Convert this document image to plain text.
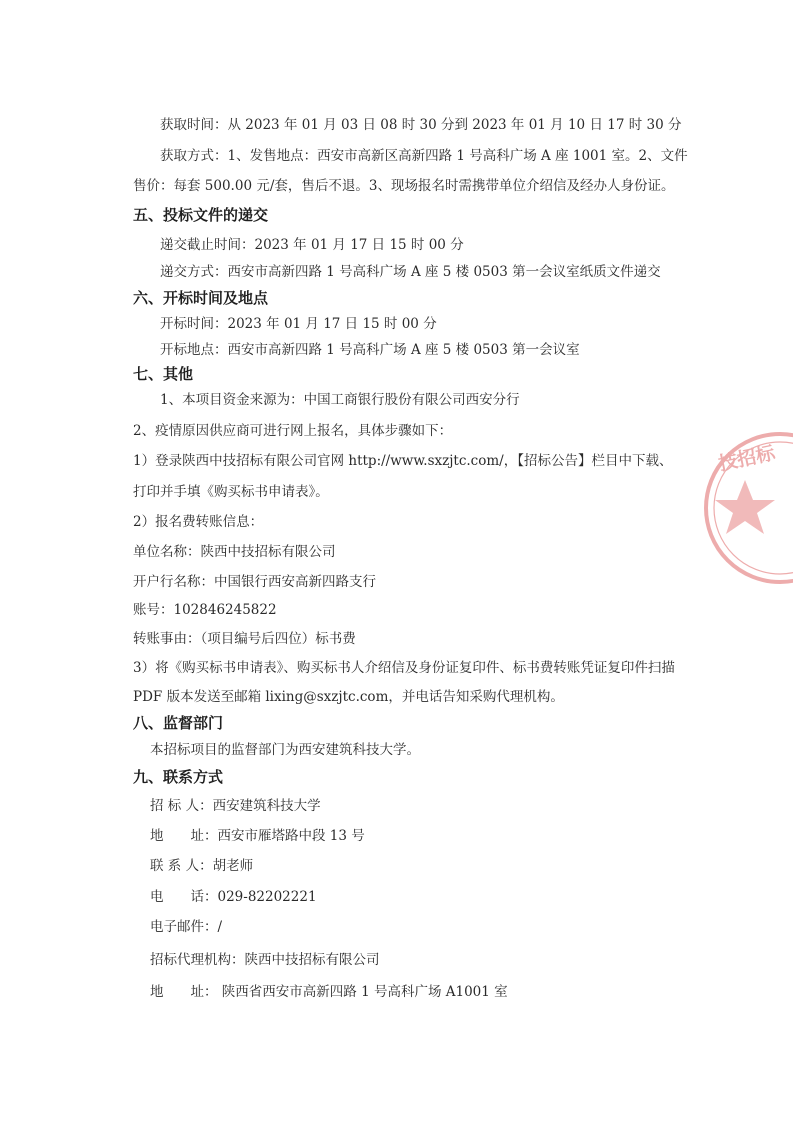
获取时间：从 2023 年 01 月 03 日 08 时 30 分到 2023 年 01 月 10 日 17 时 30 分
获取方式：1、发售地点：西安市高新区高新四路 1 号高科广场 A 座 1001 室。2、文件
售价：每套 500.00 元/套，售后不退。3、现场报名时需携带单位介绍信及经办人身份证。
五、投标文件的递交
递交截止时间：2023 年 01 月 17 日 15 时 00 分
递交方式：西安市高新四路 1 号高科广场 A 座 5 楼 0503 第一会议室纸质文件递交
六、开标时间及地点
开标时间：2023 年 01 月 17 日 15 时 00 分
开标地点：西安市高新四路 1 号高科广场 A 座 5 楼 0503 第一会议室
七、其他
1、本项目资金来源为：中国工商银行股份有限公司西安分行
2、疫情原因供应商可进行网上报名，具体步骤如下：
1）登录陕西中技招标有限公司官网 http://www.sxzjtc.com/，【招标公告】栏目中下载、
打印并手填《购买标书申请表》。
2）报名费转账信息：
单位名称：陕西中技招标有限公司
开户行名称：中国银行西安高新四路支行
账号：102846245822
转账事由：（项目编号后四位）标书费
3）将《购买标书申请表》、购买标书人介绍信及身份证复印件、标书费转账凭证复印件扫描
PDF 版本发送至邮箱 lixing@sxzjtc.com，并电话告知采购代理机构。
八、监督部门
本招标项目的监督部门为西安建筑科技大学。
九、联系方式
招 标 人：西安建筑科技大学
地　　址：西安市雁塔路中段 13 号
联 系 人：胡老师
电　　话：029-82202221
电子邮件：/
招标代理机构：陕西中技招标有限公司
地　　址： 陕西省西安市高新四路 1 号高科广场 A1001 室
技招标
